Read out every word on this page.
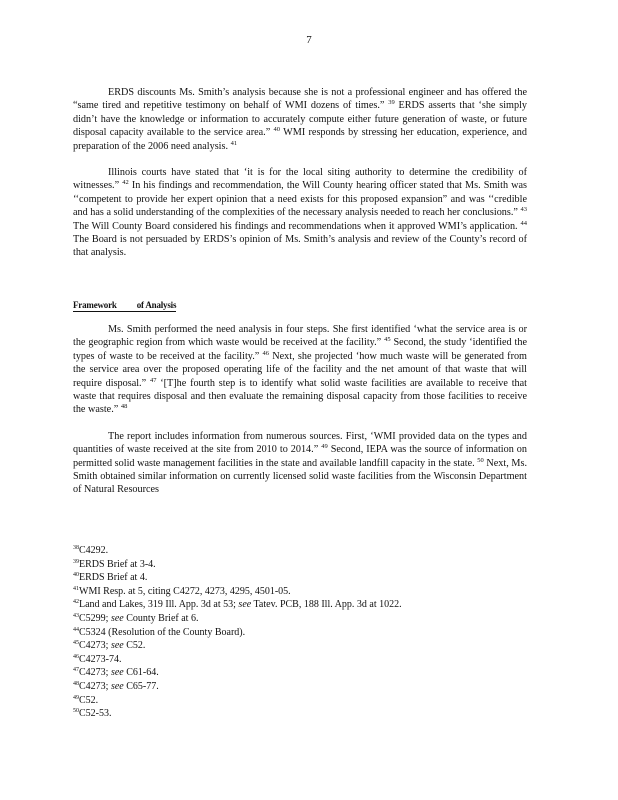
7

ERDS discounts Ms. Smith’s analysis because she is not a professional engineer and has offered the “same tired and repetitive testimony on behalf of WMI dozens of times.” $^{39}$ ERDS asserts that ‘she simply didn’t have the knowledge or information to accurately compute either future generation of waste, or future disposal capacity available to the service area.” $^{40}$ WMI responds by stressing her education, experience, and preparation of the 2006 need analysis. $^{41}$

Illinois courts have stated that ‘it is for the local siting authority to determine the credibility of witnesses.” $^{42}$ In his findings and recommendation, the Will County hearing officer stated that Ms. Smith was ‘‘competent to provide her expert opinion that a need exists for this proposed expansion” and was ‘‘credible and has a solid understanding of the complexities of the necessary analysis needed to reach her conclusions.” $^{43}$ The Will County Board considered his findings and recommendations when it approved WMI’s application. $^{44}$ The Board is not persuaded by ERDS’s opinion of Ms. Smith’s analysis and review of the County’s record of that analysis.

Framework of Analysis

Ms. Smith performed the need analysis in four steps. She first identified ‘what the service area is or the geographic region from which waste would be received at the facility.” $^{45}$ Second, the study ‘identified the types of waste to be received at the facility.” $^{46}$ Next, she projected ‘how much waste will be generated from the service area over the proposed operating life of the facility and the net amount of that waste that will require disposal.” $^{47}$ ‘[T]he fourth step is to identify what solid waste facilities are available to receive that waste that requires disposal and then evaluate the remaining disposal capacity from those facilities to receive the waste.” $^{48}$

The report includes information from numerous sources. First, ‘WMI provided data on the types and quantities of waste received at the site from 2010 to 2014.” $^{49}$ Second, IEPA was the source of information on permitted solid waste management facilities in the state and available landfill capacity in the state. $^{50}$ Next, Ms. Smith obtained similar information on currently licensed solid waste facilities from the Wisconsin Department of Natural Resources

$^{38}$C4292.
$^{39}$ERDS Brief at 3-4.
$^{40}$ERDS Brief at 4.
$^{41}$WMI Resp. at 5, citing C4272, 4273, 4295, 4501-05.
$^{42}$Land and Lakes, 319 Ill. App. 3d at 53; see Tatev. PCB, 188 Ill. App. 3d at 1022.
$^{43}$C5299; see County Brief at 6.
$^{44}$C5324 (Resolution of the County Board).
$^{45}$C4273; see C52.
$^{46}$C4273-74.
$^{47}$C4273; see C61-64.
$^{48}$C4273; see C65-77.
$^{49}$C52.
$^{50}$C52-53.
